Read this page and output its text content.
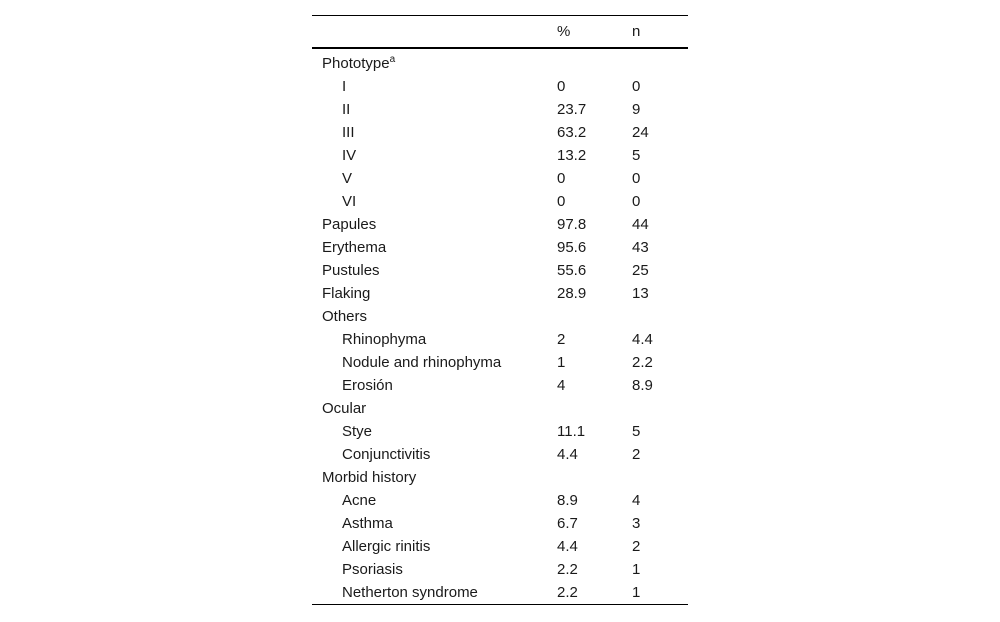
	%	n
Phototype$^a$		
I	0	0
II	23.7	9
III	63.2	24
IV	13.2	5
V	0	0
VI	0	0
Papules	97.8	44
Erythema	95.6	43
Pustules	55.6	25
Flaking	28.9	13
Others		
Rhinophyma	2	4.4
Nodule and rhinophyma	1	2.2
Erosión	4	8.9
Ocular		
Stye	11.1	5
Conjunctivitis	4.4	2
Morbid history		
Acne	8.9	4
Asthma	6.7	3
Allergic rinitis	4.4	2
Psoriasis	2.2	1
Netherton syndrome	2.2	1
